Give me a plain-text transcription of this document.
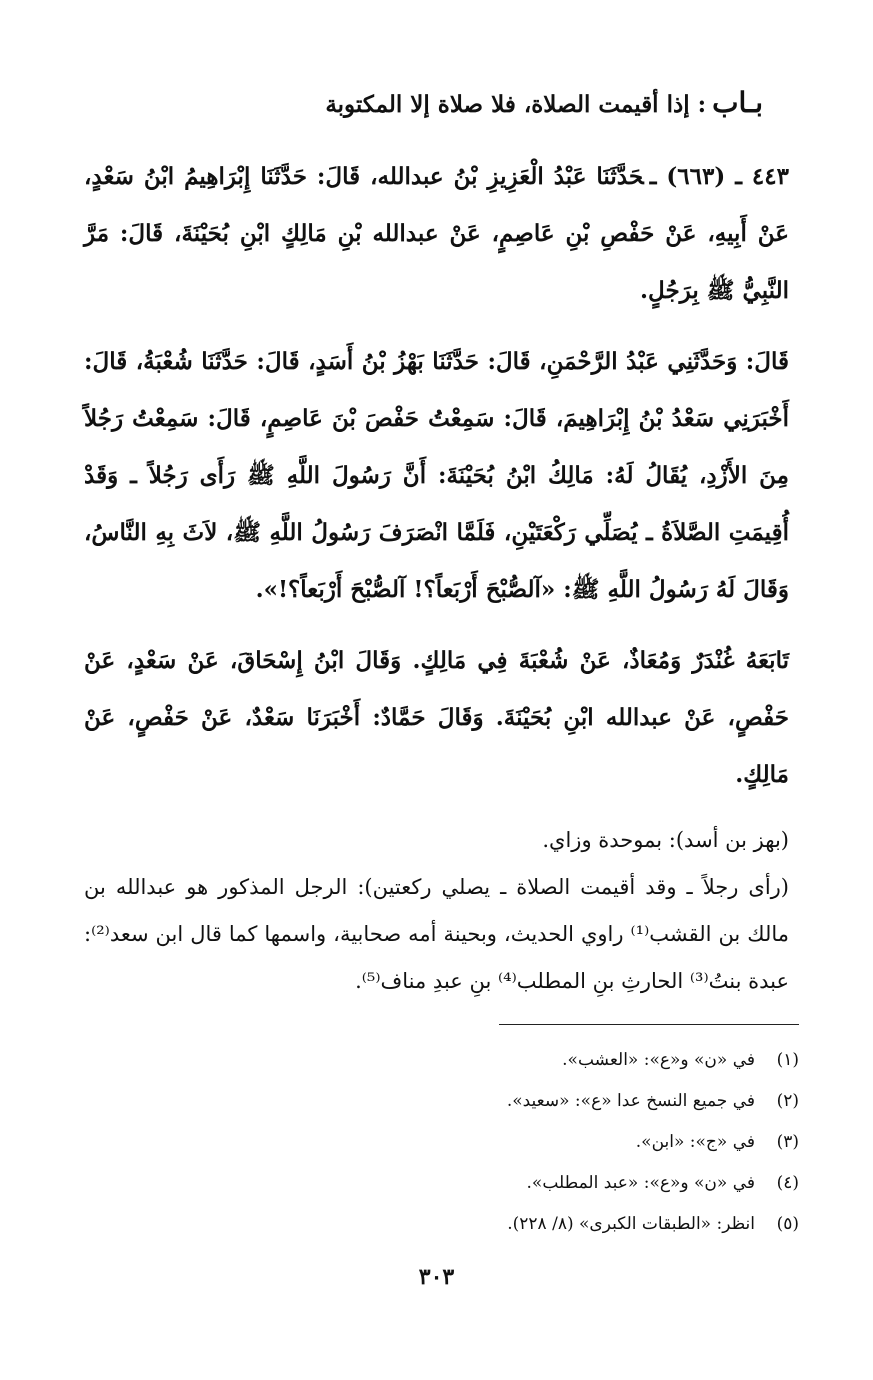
بـاب: إذا أقيمت الصلاة، فلا صلاة إلا المكتوبة

٤٤٣ ـ (٦٦٣) ـحَدَّثَنَا عَبْدُ الْعَزِيزِ بْنُ عبدالله، قَالَ: حَدَّثَنَا إِبْرَاهِيمُ ابْنُ سَعْدٍ، عَنْ أَبِيهِ، عَنْ حَفْصِ بْنِ عَاصِمٍ، عَنْ عبدالله بْنِ مَالِكٍ ابْنِ بُحَيْنَةَ، قَالَ: مَرَّ النَّبِيُّ ﷺ بِرَجُلٍ.

قَالَ: وَحَدَّثَنِي عَبْدُ الرَّحْمَنِ، قَالَ: حَدَّثَنَا بَهْزُ بْنُ أَسَدٍ، قَالَ: حَدَّثَنَا شُعْبَةُ، قَالَ: أَخْبَرَنِي سَعْدُ بْنُ إِبْرَاهِيمَ، قَالَ: سَمِعْتُ حَفْصَ بْنَ عَاصِمٍ، قَالَ: سَمِعْتُ رَجُلاً مِنَ الأَزْدِ، يُقَالُ لَهُ: مَالِكُ ابْنُ بُحَيْنَةَ: أَنَّ رَسُولَ اللَّهِ ﷺ رَأَى رَجُلاً ـ وَقَدْ أُقِيمَتِ الصَّلاَةُ ـ يُصَلِّي رَكْعَتَيْنِ، فَلَمَّا انْصَرَفَ رَسُولُ اللَّهِ ﷺ، لاَثَ بِهِ النَّاسُ، وَقَالَ لَهُ رَسُولُ اللَّهِ ﷺ: «آلصُّبْحَ أَرْبَعاً؟! آلصُّبْحَ أَرْبَعاً؟!».

تَابَعَهُ غُنْدَرٌ وَمُعَاذٌ، عَنْ شُعْبَةَ فِي مَالِكٍ. وَقَالَ ابْنُ إِسْحَاقَ، عَنْ سَعْدٍ، عَنْ حَفْصٍ، عَنْ عبدالله ابْنِ بُحَيْنَةَ. وَقَالَ حَمَّادٌ: أَخْبَرَنَا سَعْدٌ، عَنْ حَفْصٍ، عَنْ مَالِكٍ.

(بهز بن أسد): بموحدة وزاي.

(رأى رجلاً ـ وقد أقيمت الصلاة ـ يصلي ركعتين): الرجل المذكور هو عبدالله بن مالك بن القشب⁽¹⁾ راوي الحديث، وبحينة أمه صحابية، واسمها كما قال ابن سعد⁽²⁾: عبدة بنتُ⁽³⁾ الحارثِ بنِ المطلب⁽⁴⁾ بنِ عبدِ مناف⁽⁵⁾.

(١)
في «ن» و«ع»: «العشب».
(٢)
في جميع النسخ عدا «ع»: «سعيد».
(٣)
في «ج»: «ابن».
(٤)
في «ن» و«ع»: «عبد المطلب».
(٥)
انظر: «الطبقات الكبرى» (٨/ ٢٢٨).
٣٠٣
